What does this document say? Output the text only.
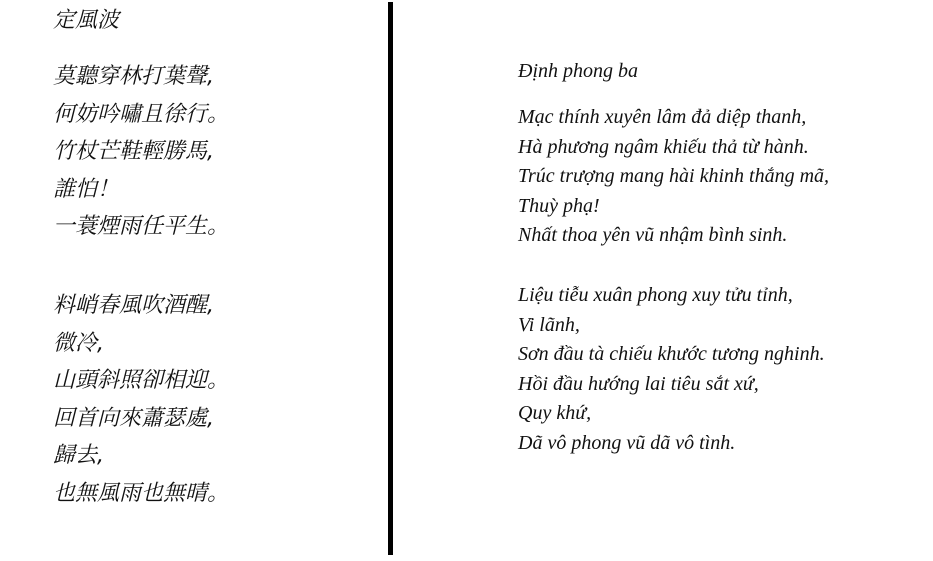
定風波
莫聽穿林打葉聲,
何妨吟嘯且徐行。
竹杖芒鞋輕勝馬,
誰怕！
一蓑煙雨任平生。
料峭春風吹酒醒,
微冷,
山頭斜照卻相迎。
回首向來蕭瑟處,
歸去,
也無風雨也無晴。
Định phong ba
Mạc thính xuyên lâm đả diệp thanh,
Hà phương ngâm khiếu thả từ hành.
Trúc trượng mang hài khinh thắng mã,
Thuỳ phạ!
Nhất thoa yên vũ nhậm bình sinh.
Liệu tiễu xuân phong xuy tửu tỉnh,
Vi lãnh,
Sơn đầu tà chiếu khước tương nghinh.
Hồi đầu hướng lai tiêu sắt xứ,
Quy khứ,
Dã vô phong vũ dã vô tình.
